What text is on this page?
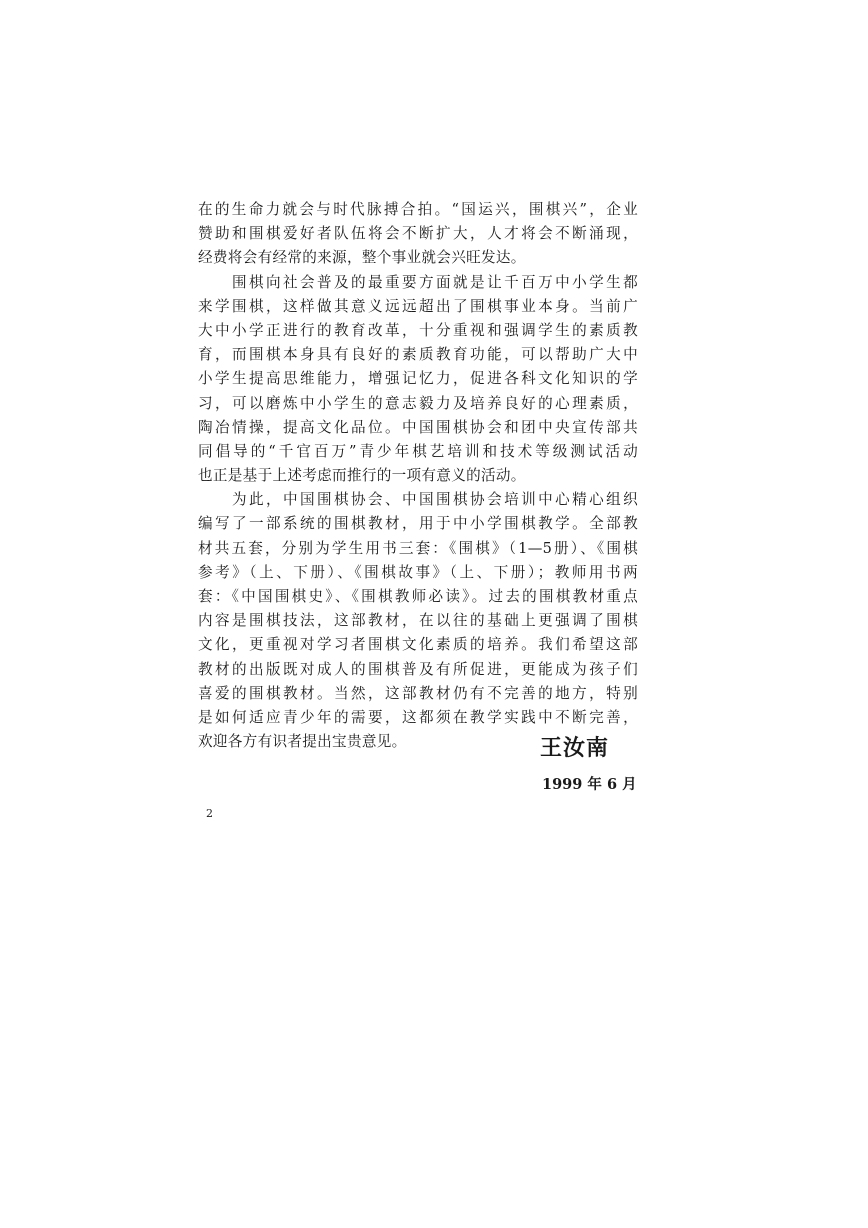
在的生命力就会与时代脉搏合拍。“国运兴，围棋兴”，企业
赞助和围棋爱好者队伍将会不断扩大，人才将会不断涌现，
经费将会有经常的来源，整个事业就会兴旺发达。
　　围棋向社会普及的最重要方面就是让千百万中小学生都
来学围棋，这样做其意义远远超出了围棋事业本身。当前广
大中小学正进行的教育改革，十分重视和强调学生的素质教
育，而围棋本身具有良好的素质教育功能，可以帮助广大中
小学生提高思维能力，增强记忆力，促进各科文化知识的学
习，可以磨炼中小学生的意志毅力及培养良好的心理素质，
陶冶情操，提高文化品位。中国围棋协会和团中央宣传部共
同倡导的“千官百万”青少年棋艺培训和技术等级测试活动
也正是基于上述考虑而推行的一项有意义的活动。
　　为此，中国围棋协会、中国围棋协会培训中心精心组织
编写了一部系统的围棋教材，用于中小学围棋教学。全部教
材共五套，分别为学生用书三套：《围棋》（1—5册）、《围棋
参考》（上、下册）、《围棋故事》（上、下册）；教师用书两
套：《中国围棋史》、《围棋教师必读》。过去的围棋教材重点
内容是围棋技法，这部教材，在以往的基础上更强调了围棋
文化，更重视对学习者围棋文化素质的培养。我们希望这部
教材的出版既对成人的围棋普及有所促进，更能成为孩子们
喜爱的围棋教材。当然，这部教材仍有不完善的地方，特别
是如何适应青少年的需要，这都须在教学实践中不断完善，
欢迎各方有识者提出宝贵意见。	王汝南
1999 年 6 月
2
